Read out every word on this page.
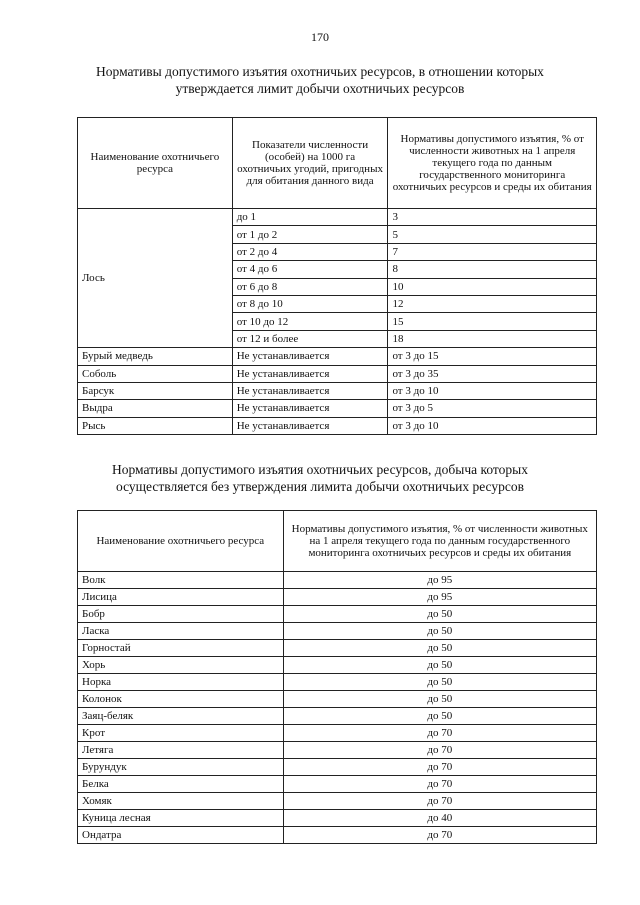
170
Нормативы допустимого изъятия охотничьих ресурсов, в отношении которых
утверждается лимит добычи охотничьих ресурсов
Наименование охотничьего ресурса	Показатели численности (особей) на 1000 га охотничьих угодий, пригодных для обитания данного вида	Нормативы допустимого изъятия, % от численности животных на 1 апреля текущего года по данным государственного мониторинга охотничьих ресурсов и среды их обитания
Лось	до 1	3
	от 1 до 2	5
	от 2 до 4	7
	от 4 до 6	8
	от 6 до 8	10
	от 8 до 10	12
	от 10 до 12	15
	от 12 и более	18
Бурый медведь	Не устанавливается	от 3 до 15
Соболь	Не устанавливается	от 3 до 35
Барсук	Не устанавливается	от 3 до 10
Выдра	Не устанавливается	от 3 до 5
Рысь	Не устанавливается	от 3 до 10
Нормативы допустимого изъятия охотничьих ресурсов, добыча которых
осуществляется без утверждения лимита добычи охотничьих ресурсов
Наименование охотничьего ресурса	Нормативы допустимого изъятия, % от численности животных на 1 апреля текущего года по данным государственного мониторинга охотничьих ресурсов и среды их обитания
Волк	до 95
Лисица	до 95
Бобр	до 50
Ласка	до 50
Горностай	до 50
Хорь	до 50
Норка	до 50
Колонок	до 50
Заяц-беляк	до 50
Крот	до 70
Летяга	до 70
Бурундук	до 70
Белка	до 70
Хомяк	до 70
Куница лесная	до 40
Ондатра	до 70
